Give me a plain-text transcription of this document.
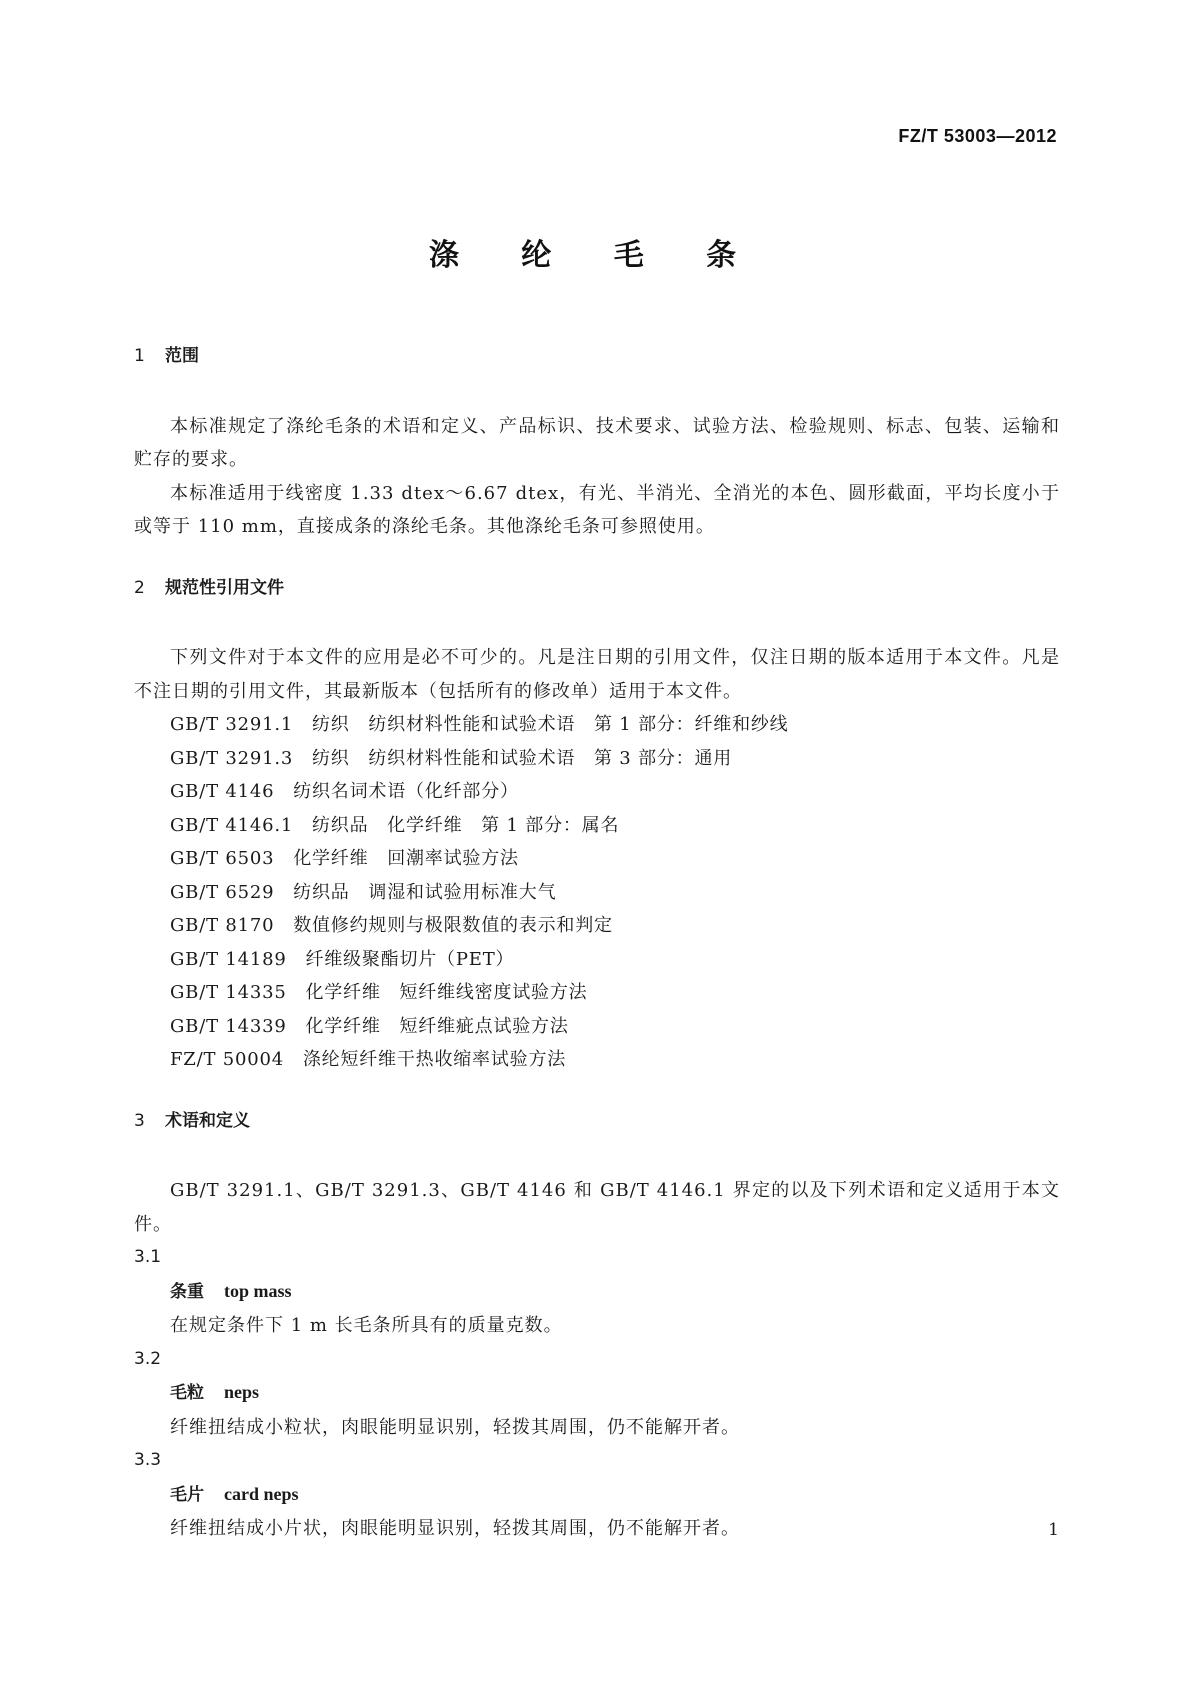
FZ/T 53003—2012
涤 纶 毛 条
1	范围

本标准规定了涤纶毛条的术语和定义、产品标识、技术要求、试验方法、检验规则、标志、包装、运输和贮存的要求。

本标准适用于线密度 1.33 dtex～6.67 dtex，有光、半消光、全消光的本色、圆形截面，平均长度小于或等于 110 mm，直接成条的涤纶毛条。其他涤纶毛条可参照使用。

2	规范性引用文件

下列文件对于本文件的应用是必不可少的。凡是注日期的引用文件，仅注日期的版本适用于本文件。凡是不注日期的引用文件，其最新版本（包括所有的修改单）适用于本文件。

GB/T 3291.1　纺织　纺织材料性能和试验术语　第 1 部分：纤维和纱线

GB/T 3291.3　纺织　纺织材料性能和试验术语　第 3 部分：通用

GB/T 4146　纺织名词术语（化纤部分）

GB/T 4146.1　纺织品　化学纤维　第 1 部分：属名

GB/T 6503　化学纤维　回潮率试验方法

GB/T 6529　纺织品　调湿和试验用标准大气

GB/T 8170　数值修约规则与极限数值的表示和判定

GB/T 14189　纤维级聚酯切片（PET）

GB/T 14335　化学纤维　短纤维线密度试验方法

GB/T 14339　化学纤维　短纤维疵点试验方法

FZ/T 50004　涤纶短纤维干热收缩率试验方法

3	术语和定义

GB/T 3291.1、GB/T 3291.3、GB/T 4146 和 GB/T 4146.1 界定的以及下列术语和定义适用于本文件。

3.1

条重 top mass

在规定条件下 1 m 长毛条所具有的质量克数。

3.2

毛粒 neps

纤维扭结成小粒状，肉眼能明显识别，轻拨其周围，仍不能解开者。

3.3

毛片 card neps

纤维扭结成小片状，肉眼能明显识别，轻拨其周围，仍不能解开者。	1
